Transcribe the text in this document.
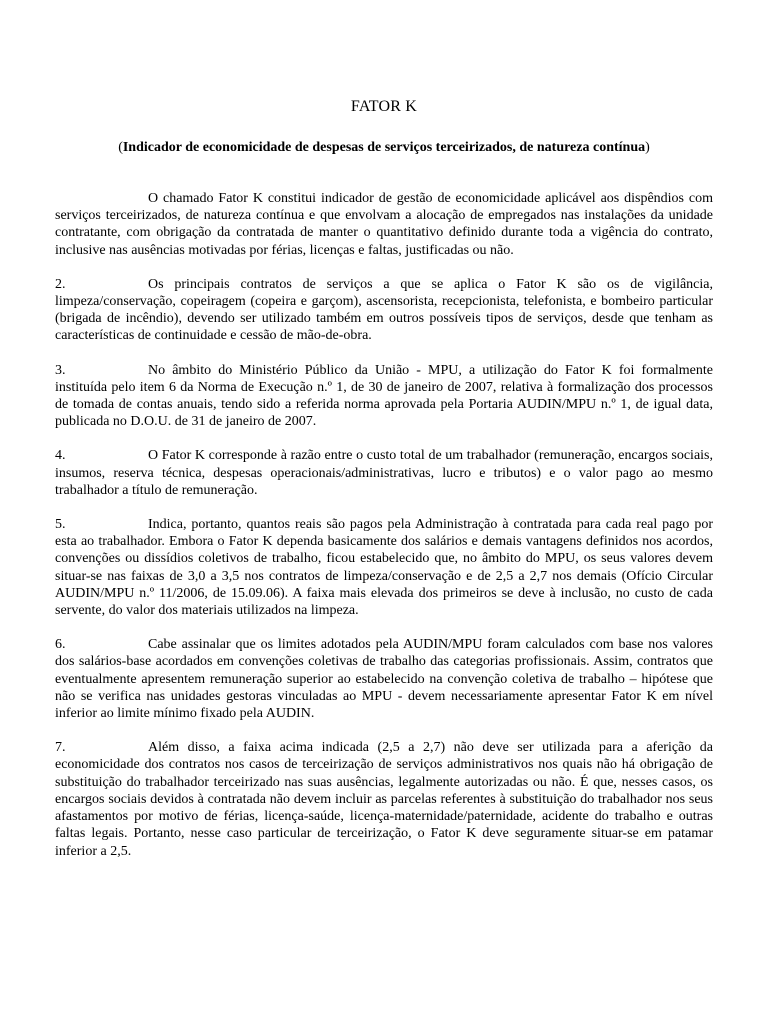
FATOR K
(Indicador de economicidade de despesas de serviços terceirizados, de natureza contínua)

O chamado Fator K constitui indicador de gestão de economicidade aplicável aos dispêndios com serviços terceirizados, de natureza contínua e que envolvam a alocação de empregados nas instalações da unidade contratante, com obrigação da contratada de manter o quantitativo definido durante toda a vigência do contrato, inclusive nas ausências motivadas por férias, licenças e faltas, justificadas ou não.

2.	Os principais contratos de serviços a que se aplica o Fator K são os de vigilância, limpeza/conservação, copeiragem (copeira e garçom), ascensorista, recepcionista, telefonista, e bombeiro particular (brigada de incêndio), devendo ser utilizado também em outros possíveis tipos de serviços, desde que tenham as características de continuidade e cessão de mão-de-obra.

3.	No âmbito do Ministério Público da União - MPU, a utilização do Fator K foi formalmente instituída pelo item 6 da Norma de Execução n.º 1, de 30 de janeiro de 2007, relativa à formalização dos processos de tomada de contas anuais, tendo sido a referida norma aprovada pela Portaria AUDIN/MPU n.º 1, de igual data, publicada no D.O.U. de 31 de janeiro de 2007.

4.	O Fator K corresponde à razão entre o custo total de um trabalhador (remuneração, encargos sociais, insumos, reserva técnica, despesas operacionais/administrativas, lucro e tributos) e o valor pago ao mesmo trabalhador a título de remuneração.

5.	Indica, portanto, quantos reais são pagos pela Administração à contratada para cada real pago por esta ao trabalhador. Embora o Fator K dependa basicamente dos salários e demais vantagens definidos nos acordos, convenções ou dissídios coletivos de trabalho, ficou estabelecido que, no âmbito do MPU, os seus valores devem situar-se nas faixas de 3,0 a 3,5 nos contratos de limpeza/conservação e de 2,5 a 2,7 nos demais (Ofício Circular AUDIN/MPU n.º 11/2006, de 15.09.06). A faixa mais elevada dos primeiros se deve à inclusão, no custo de cada servente, do valor dos materiais utilizados na limpeza.

6.	Cabe assinalar que os limites adotados pela AUDIN/MPU foram calculados com base nos valores dos salários-base acordados em convenções coletivas de trabalho das categorias profissionais. Assim, contratos que eventualmente apresentem remuneração superior ao estabelecido na convenção coletiva de trabalho – hipótese que não se verifica nas unidades gestoras vinculadas ao MPU - devem necessariamente apresentar Fator K em nível inferior ao limite mínimo fixado pela AUDIN.

7.	Além disso, a faixa acima indicada (2,5 a 2,7) não deve ser utilizada para a aferição da economicidade dos contratos nos casos de terceirização de serviços administrativos nos quais não há obrigação de substituição do trabalhador terceirizado nas suas ausências, legalmente autorizadas ou não. É que, nesses casos, os encargos sociais devidos à contratada não devem incluir as parcelas referentes à substituição do trabalhador nos seus afastamentos por motivo de férias, licença-saúde, licença-maternidade/paternidade, acidente do trabalho e outras faltas legais. Portanto, nesse caso particular de terceirização, o Fator K deve seguramente situar-se em patamar inferior a 2,5.
